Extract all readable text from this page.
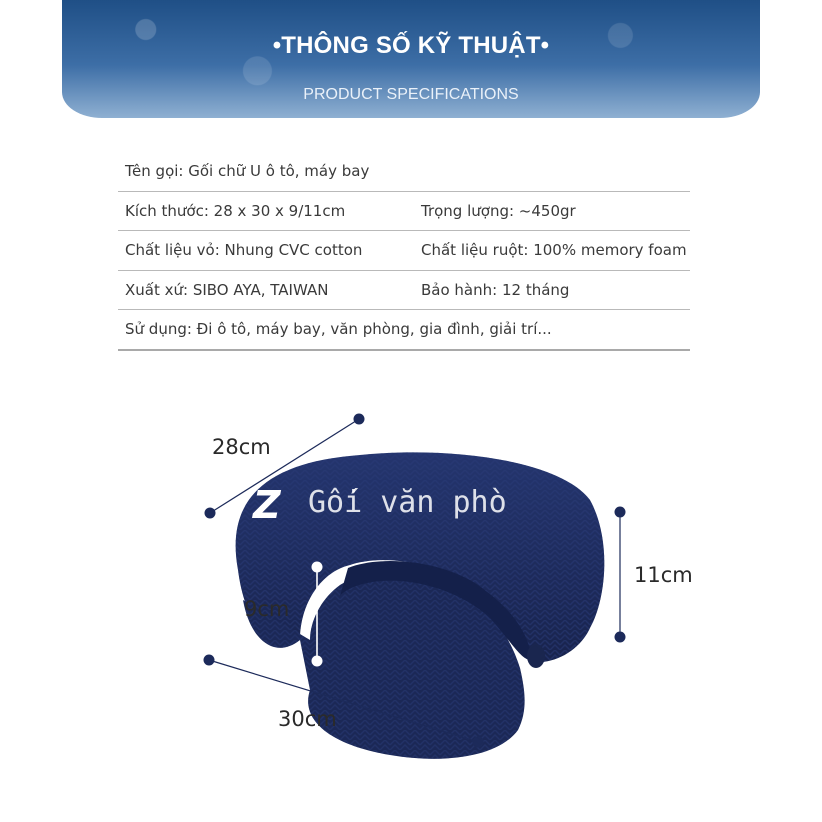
•THÔNG SỐ KỸ THUẬT•
PRODUCT SPECIFICATIONS
Tên gọi: Gối chữ U ô tô, máy bay
Kích thước: 28 x 30 x 9/11cm	Trọng lượng: ~450gr
Chất liệu vỏ: Nhung CVC cotton	Chất liệu ruột: 100% memory foam
Xuất xứ: SIBO AYA, TAIWAN	Bảo hành: 12 tháng
Sử dụng: Đi ô tô, máy bay, văn phòng, gia đình, giải trí...
Z Gối văn phò
28cm
11cm
9cm
30cm
